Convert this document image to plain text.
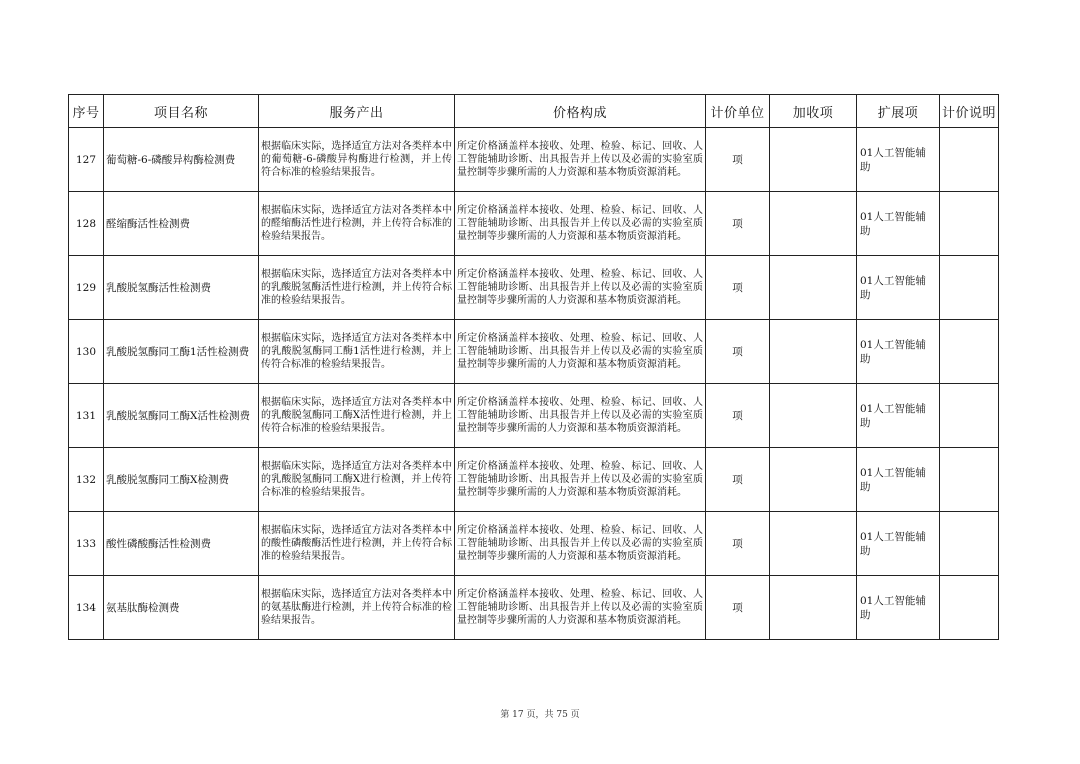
序号	项目名称	服务产出	价格构成	计价单位	加收项	扩展项	计价说明
127	葡萄糖-6-磷酸异构酶检测费	根据临床实际，选择适宜方法对各类样本中的葡萄糖-6-磷酸异构酶进行检测，并上传符合标准的检验结果报告。	所定价格涵盖样本接收、处理、检验、标记、回收、人工智能辅助诊断、出具报告并上传以及必需的实验室质量控制等步骤所需的人力资源和基本物质资源消耗。	项		01人工智能辅助	
128	醛缩酶活性检测费	根据临床实际，选择适宜方法对各类样本中的醛缩酶活性进行检测，并上传符合标准的检验结果报告。	所定价格涵盖样本接收、处理、检验、标记、回收、人工智能辅助诊断、出具报告并上传以及必需的实验室质量控制等步骤所需的人力资源和基本物质资源消耗。	项		01人工智能辅助	
129	乳酸脱氢酶活性检测费	根据临床实际，选择适宜方法对各类样本中的乳酸脱氢酶活性进行检测，并上传符合标准的检验结果报告。	所定价格涵盖样本接收、处理、检验、标记、回收、人工智能辅助诊断、出具报告并上传以及必需的实验室质量控制等步骤所需的人力资源和基本物质资源消耗。	项		01人工智能辅助	
130	乳酸脱氢酶同工酶1活性检测费	根据临床实际，选择适宜方法对各类样本中的乳酸脱氢酶同工酶1活性进行检测，并上传符合标准的检验结果报告。	所定价格涵盖样本接收、处理、检验、标记、回收、人工智能辅助诊断、出具报告并上传以及必需的实验室质量控制等步骤所需的人力资源和基本物质资源消耗。	项		01人工智能辅助	
131	乳酸脱氢酶同工酶X活性检测费	根据临床实际，选择适宜方法对各类样本中的乳酸脱氢酶同工酶X活性进行检测，并上传符合标准的检验结果报告。	所定价格涵盖样本接收、处理、检验、标记、回收、人工智能辅助诊断、出具报告并上传以及必需的实验室质量控制等步骤所需的人力资源和基本物质资源消耗。	项		01人工智能辅助	
132	乳酸脱氢酶同工酶X检测费	根据临床实际，选择适宜方法对各类样本中的乳酸脱氢酶同工酶X进行检测，并上传符合标准的检验结果报告。	所定价格涵盖样本接收、处理、检验、标记、回收、人工智能辅助诊断、出具报告并上传以及必需的实验室质量控制等步骤所需的人力资源和基本物质资源消耗。	项		01人工智能辅助	
133	酸性磷酸酶活性检测费	根据临床实际，选择适宜方法对各类样本中的酸性磷酸酶活性进行检测，并上传符合标准的检验结果报告。	所定价格涵盖样本接收、处理、检验、标记、回收、人工智能辅助诊断、出具报告并上传以及必需的实验室质量控制等步骤所需的人力资源和基本物质资源消耗。	项		01人工智能辅助	
134	氨基肽酶检测费	根据临床实际，选择适宜方法对各类样本中的氨基肽酶进行检测，并上传符合标准的检验结果报告。	所定价格涵盖样本接收、处理、检验、标记、回收、人工智能辅助诊断、出具报告并上传以及必需的实验室质量控制等步骤所需的人力资源和基本物质资源消耗。	项		01人工智能辅助	
第 17 页，共 75 页
